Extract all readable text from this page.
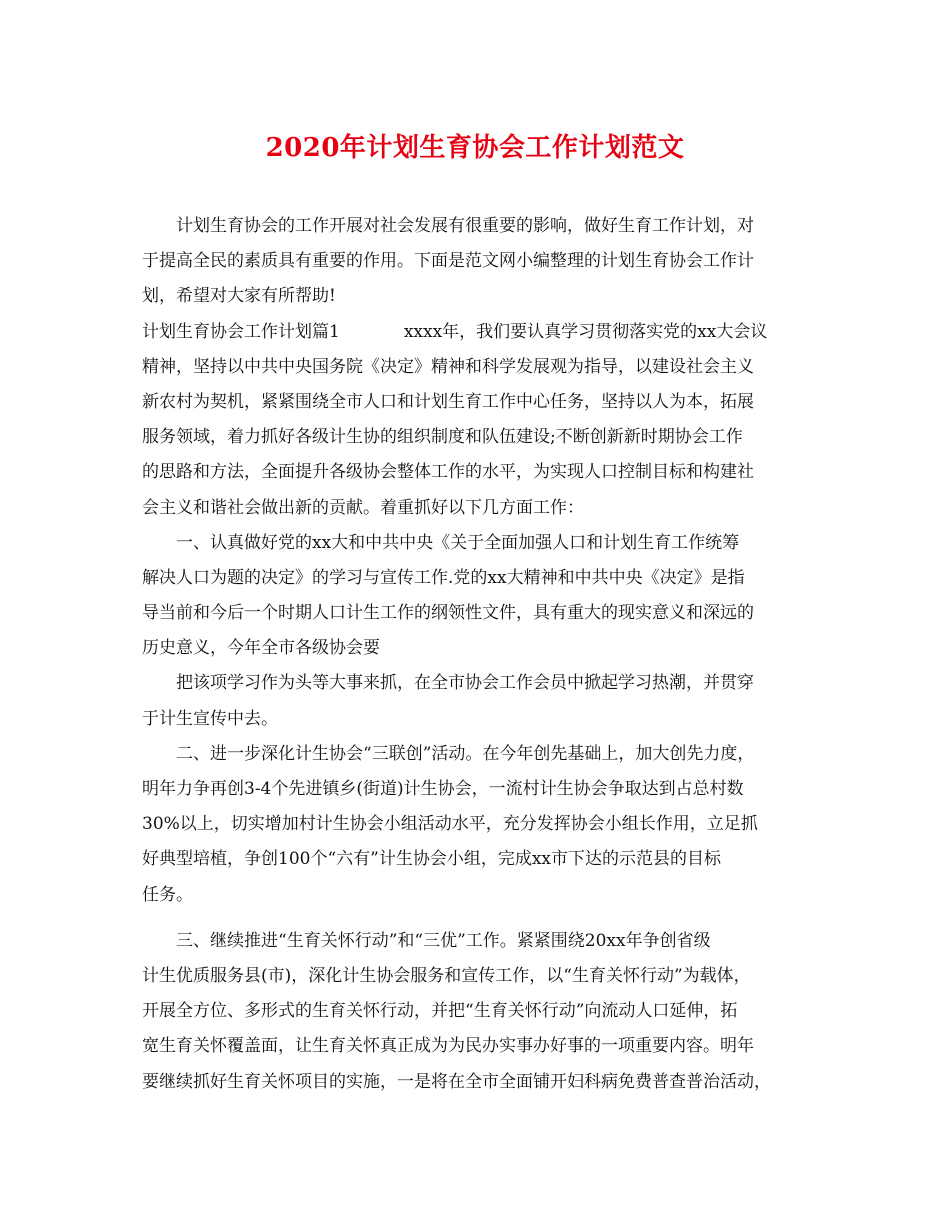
2020年计划生育协会工作计划范文
计划生育协会的工作开展对社会发展有很重要的影响，做好生育工作计划，对
于提高全民的素质具有重要的作用。下面是范文网小编整理的计划生育协会工作计
划，希望对大家有所帮助!
计划生育协会工作计划篇1	xxxx年，我们要认真学习贯彻落实党的xx大会议
精神，坚持以中共中央国务院《决定》精神和科学发展观为指导，以建设社会主义
新农村为契机，紧紧围绕全市人口和计划生育工作中心任务，坚持以人为本，拓展
服务领域，着力抓好各级计生协的组织制度和队伍建设;不断创新新时期协会工作
的思路和方法，全面提升各级协会整体工作的水平，为实现人口控制目标和构建社
会主义和谐社会做出新的贡献。着重抓好以下几方面工作：
一、认真做好党的xx大和中共中央《关于全面加强人口和计划生育工作统筹
解决人口为题的决定》的学习与宣传工作.党的xx大精神和中共中央《决定》是指
导当前和今后一个时期人口计生工作的纲领性文件，具有重大的现实意义和深远的
历史意义，今年全市各级协会要
把该项学习作为头等大事来抓，在全市协会工作会员中掀起学习热潮，并贯穿
于计生宣传中去。
二、进一步深化计生协会“三联创”活动。在今年创先基础上，加大创先力度，
明年力争再创3-4个先进镇乡(街道)计生协会，一流村计生协会争取达到占总村数
30%以上，切实增加村计生协会小组活动水平，充分发挥协会小组长作用，立足抓
好典型培植，争创100个“六有”计生协会小组，完成xx市下达的示范县的目标
任务。
三、继续推进“生育关怀行动”和“三优”工作。紧紧围绕20xx年争创省级
计生优质服务县(市)，深化计生协会服务和宣传工作，以“生育关怀行动”为载体，
开展全方位、多形式的生育关怀行动，并把“生育关怀行动”向流动人口延伸，拓
宽生育关怀覆盖面，让生育关怀真正成为为民办实事办好事的一项重要内容。明年
要继续抓好生育关怀项目的实施，一是将在全市全面铺开妇科病免费普查普治活动，
